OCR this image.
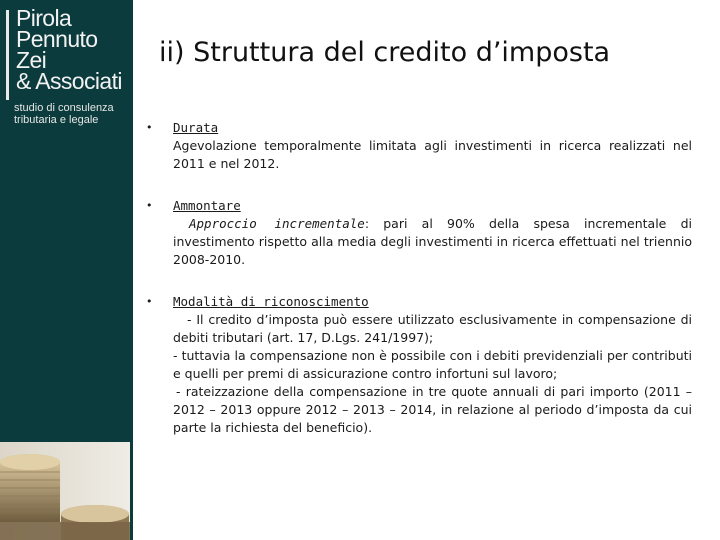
Pirola
Pennuto
Zei
& Associati
studio di consulenza
tributaria e legale
ii) Struttura del credito d’imposta
•	Durata

Agevolazione temporalmente limitata agli investimenti in ricerca realizzati nel 2011 e nel 2012.

•	Ammontare

Approccio incrementale: pari al 90% della spesa incrementale di investimento rispetto alla media degli investimenti in ricerca effettuati nel triennio 2008-2010.

•	Modalità di riconoscimento

- Il credito d’imposta può essere utilizzato esclusivamente in compensazione di debiti tributari (art. 17, D.Lgs. 241/1997);

- tuttavia la compensazione non è possibile con i debiti previdenziali per contributi e quelli per premi di assicurazione contro infortuni sul lavoro;

- rateizzazione della compensazione in tre quote annuali di pari importo (2011 – 2012 – 2013 oppure 2012 – 2013 – 2014, in relazione al periodo d’imposta da cui parte la richiesta del beneficio).
